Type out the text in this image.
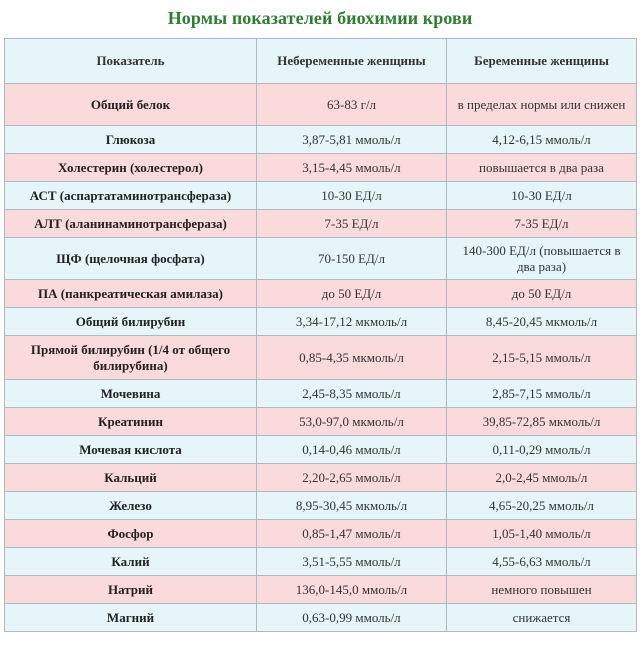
Нормы показателей биохимии крови
Показатель	Небеременные женщины	Беременные женщины
Общий белок	63-83 г/л	в пределах нормы или снижен
Глюкоза	3,87-5,81 ммоль/л	4,12-6,15 ммоль/л
Холестерин (холестерол)	3,15-4,45 ммоль/л	повышается в два раза
АСТ (аспартатаминотрансфераза)	10-30 ЕД/л	10-30 ЕД/л
АЛТ (аланинаминотрансфераза)	7-35 ЕД/л	7-35 ЕД/л
ЩФ (щелочная фосфата)	70-150 ЕД/л	140-300 ЕД/л (повышается в два раза)
ПА (панкреатическая амилаза)	до 50 ЕД/л	до 50 ЕД/л
Общий билирубин	3,34-17,12 мкмоль/л	8,45-20,45 мкмоль/л
Прямой билирубин (1/4 от общего билирубина)	0,85-4,35 мкмоль/л	2,15-5,15 ммоль/л
Мочевина	2,45-8,35 ммоль/л	2,85-7,15 ммоль/л
Креатинин	53,0-97,0 мкмоль/л	39,85-72,85 мкмоль/л
Мочевая кислота	0,14-0,46 ммоль/л	0,11-0,29 ммоль/л
Кальций	2,20-2,65 ммоль/л	2,0-2,45 ммоль/л
Железо	8,95-30,45 мкмоль/л	4,65-20,25 ммоль/л
Фосфор	0,85-1,47 ммоль/л	1,05-1,40 ммоль/л
Калий	3,51-5,55 ммоль/л	4,55-6,63 ммоль/л
Натрий	136,0-145,0 ммоль/л	немного повышен
Магний	0,63-0,99 ммоль/л	снижается
